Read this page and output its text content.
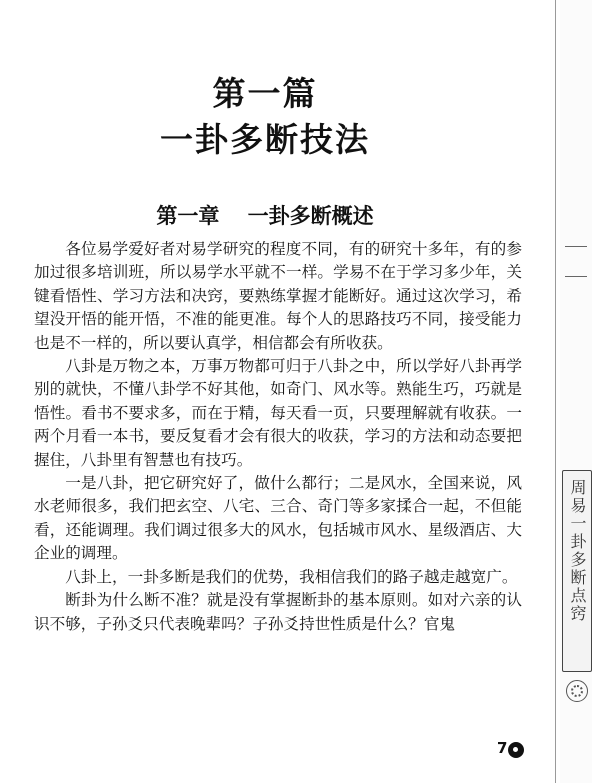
周易一卦多断点窍
第一篇
一卦多断技法
第一章　 一卦多断概述

各位易学爱好者对易学研究的程度不同，有的研究十多年，有的参加过很多培训班，所以易学水平就不一样。学易不在于学习多少年，关键看悟性、学习方法和决窍，要熟练掌握才能断好。通过这次学习，希望没开悟的能开悟，不准的能更准。每个人的思路技巧不同，接受能力也是不一样的，所以要认真学，相信都会有所收获。

八卦是万物之本，万事万物都可归于八卦之中，所以学好八卦再学别的就快，不懂八卦学不好其他，如奇门、风水等。熟能生巧，巧就是悟性。看书不要求多，而在于精，每天看一页，只要理解就有收获。一两个月看一本书，要反复看才会有很大的收获，学习的方法和动态要把握住，八卦里有智慧也有技巧。

一是八卦，把它研究好了，做什么都行；二是风水，全国来说，风水老师很多，我们把玄空、八宅、三合、奇门等多家揉合一起，不但能看，还能调理。我们调过很多大的风水，包括城市风水、星级酒店、大企业的调理。

八卦上，一卦多断是我们的优势，我相信我们的路子越走越宽广。

断卦为什么断不准？就是没有掌握断卦的基本原则。如对六亲的认识不够，子孙爻只代表晚辈吗？子孙爻持世性质是什么？官鬼

7
